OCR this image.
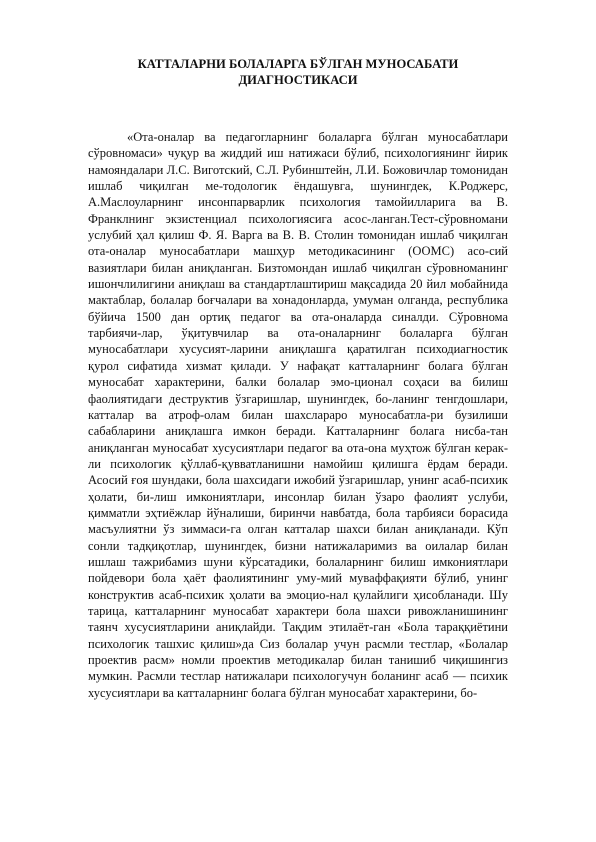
КАТТАЛАРНИ БОЛАЛАРГА БЎЛГАН МУНОСАБАТИ
ДИАГНОСТИКАСИ

«Ота-оналар ва педагогларнинг болаларга бўлган муносабатлари сўровномаси» чуқур ва жиддий иш натижаси бўлиб, психологиянинг йирик намояндалари Л.С. Виготский, С.Л. Рубинштейн, Л.И. Божовичлар томонидан ишлаб чиқилган ме-тодологик ёндашувга, шунингдек, К.Роджерс, А.Маслоуларнинг инсонпарварлик психология тамойилларига ва В. Франклнинг экзистенциал психологиясига асос-ланган.Тест-сўровномани услубий ҳал қилиш Ф. Я. Варга ва В. В. Столин томонидан ишлаб чиқилган ота-оналар муносабатлари машҳур методикасининг (ООМС) асо-сий вазиятлари билан аниқланган. Бизтомондан ишлаб чиқилган сўровноманинг ишончлилигини аниқлаш ва стандартлаштириш мақсадида 20 йил мобайнида мактаблар, болалар боғчалари ва хонадонларда, умуман олганда, республика бўйича 1500 дан ортиқ педагог ва ота-оналарда синалди. Сўровнома тарбиячи-лар, ўқитувчилар ва ота-оналарнинг болаларга бўлган муносабатлари хусусият-ларини аниқлашга қаратилган психодиагностик қурол сифатида хизмат қилади. У нафақат катталарнинг болага бўлган муносабат характерини, балки болалар эмо-ционал соҳаси ва билиш фаолиятидаги деструктив ўзгаришлар, шунингдек, бо-ланинг тенгдошлари, катталар ва атроф-олам билан шахсларaро муносабатла-ри бузилиши сабабларини аниқлашга имкон беради. Катталарнинг болага нисба-тан аниқланган муносабат хусусиятлари педагог ва ота-она муҳтож бўлган керак-ли психологик қўллаб-қувватланишни намойиш қилишга ёрдам беради. Асосий ғоя шундаки, бола шахсидаги ижобий ўзгаришлар, унинг асаб-психик ҳолати, би-лиш имкониятлари, инсонлар билан ўзаро фаолият услуби, қимматли эҳтиёжлар йўналиши, биринчи навбатда, бола тарбияси борасида масъулиятни ўз зиммаси-га олган катталар шахси билан аниқланади. Кўп сонли тадқиқотлар, шунингдек, бизни натижаларимиз ва оилалар билан ишлаш тажрибамиз шуни кўрсатадики, болаларнинг билиш имкониятлари пойдевори бола ҳаёт фаолиятининг уму-мий муваффақияти бўлиб, унинг конструктив асаб-психик ҳолати ва эмоцио-нал қулайлиги ҳисобланади. Шу тарица, катталарнинг муносабат характери бола шахси ривожланишининг таянч хусусиятларини аниқлайди. Тақдим этилаёт-ган «Бола тараққиётини психологик ташхис қилиш»да Сиз болалар учун расмли тестлар, «Болалар проектив расм» номли проектив методикалар билан танишиб чиқишингиз мумкин. Расмли тестлар натижалари психологучун боланинг асаб — психик хусусиятлари ва катталарнинг болага бўлган муносабат характерини, бо-
